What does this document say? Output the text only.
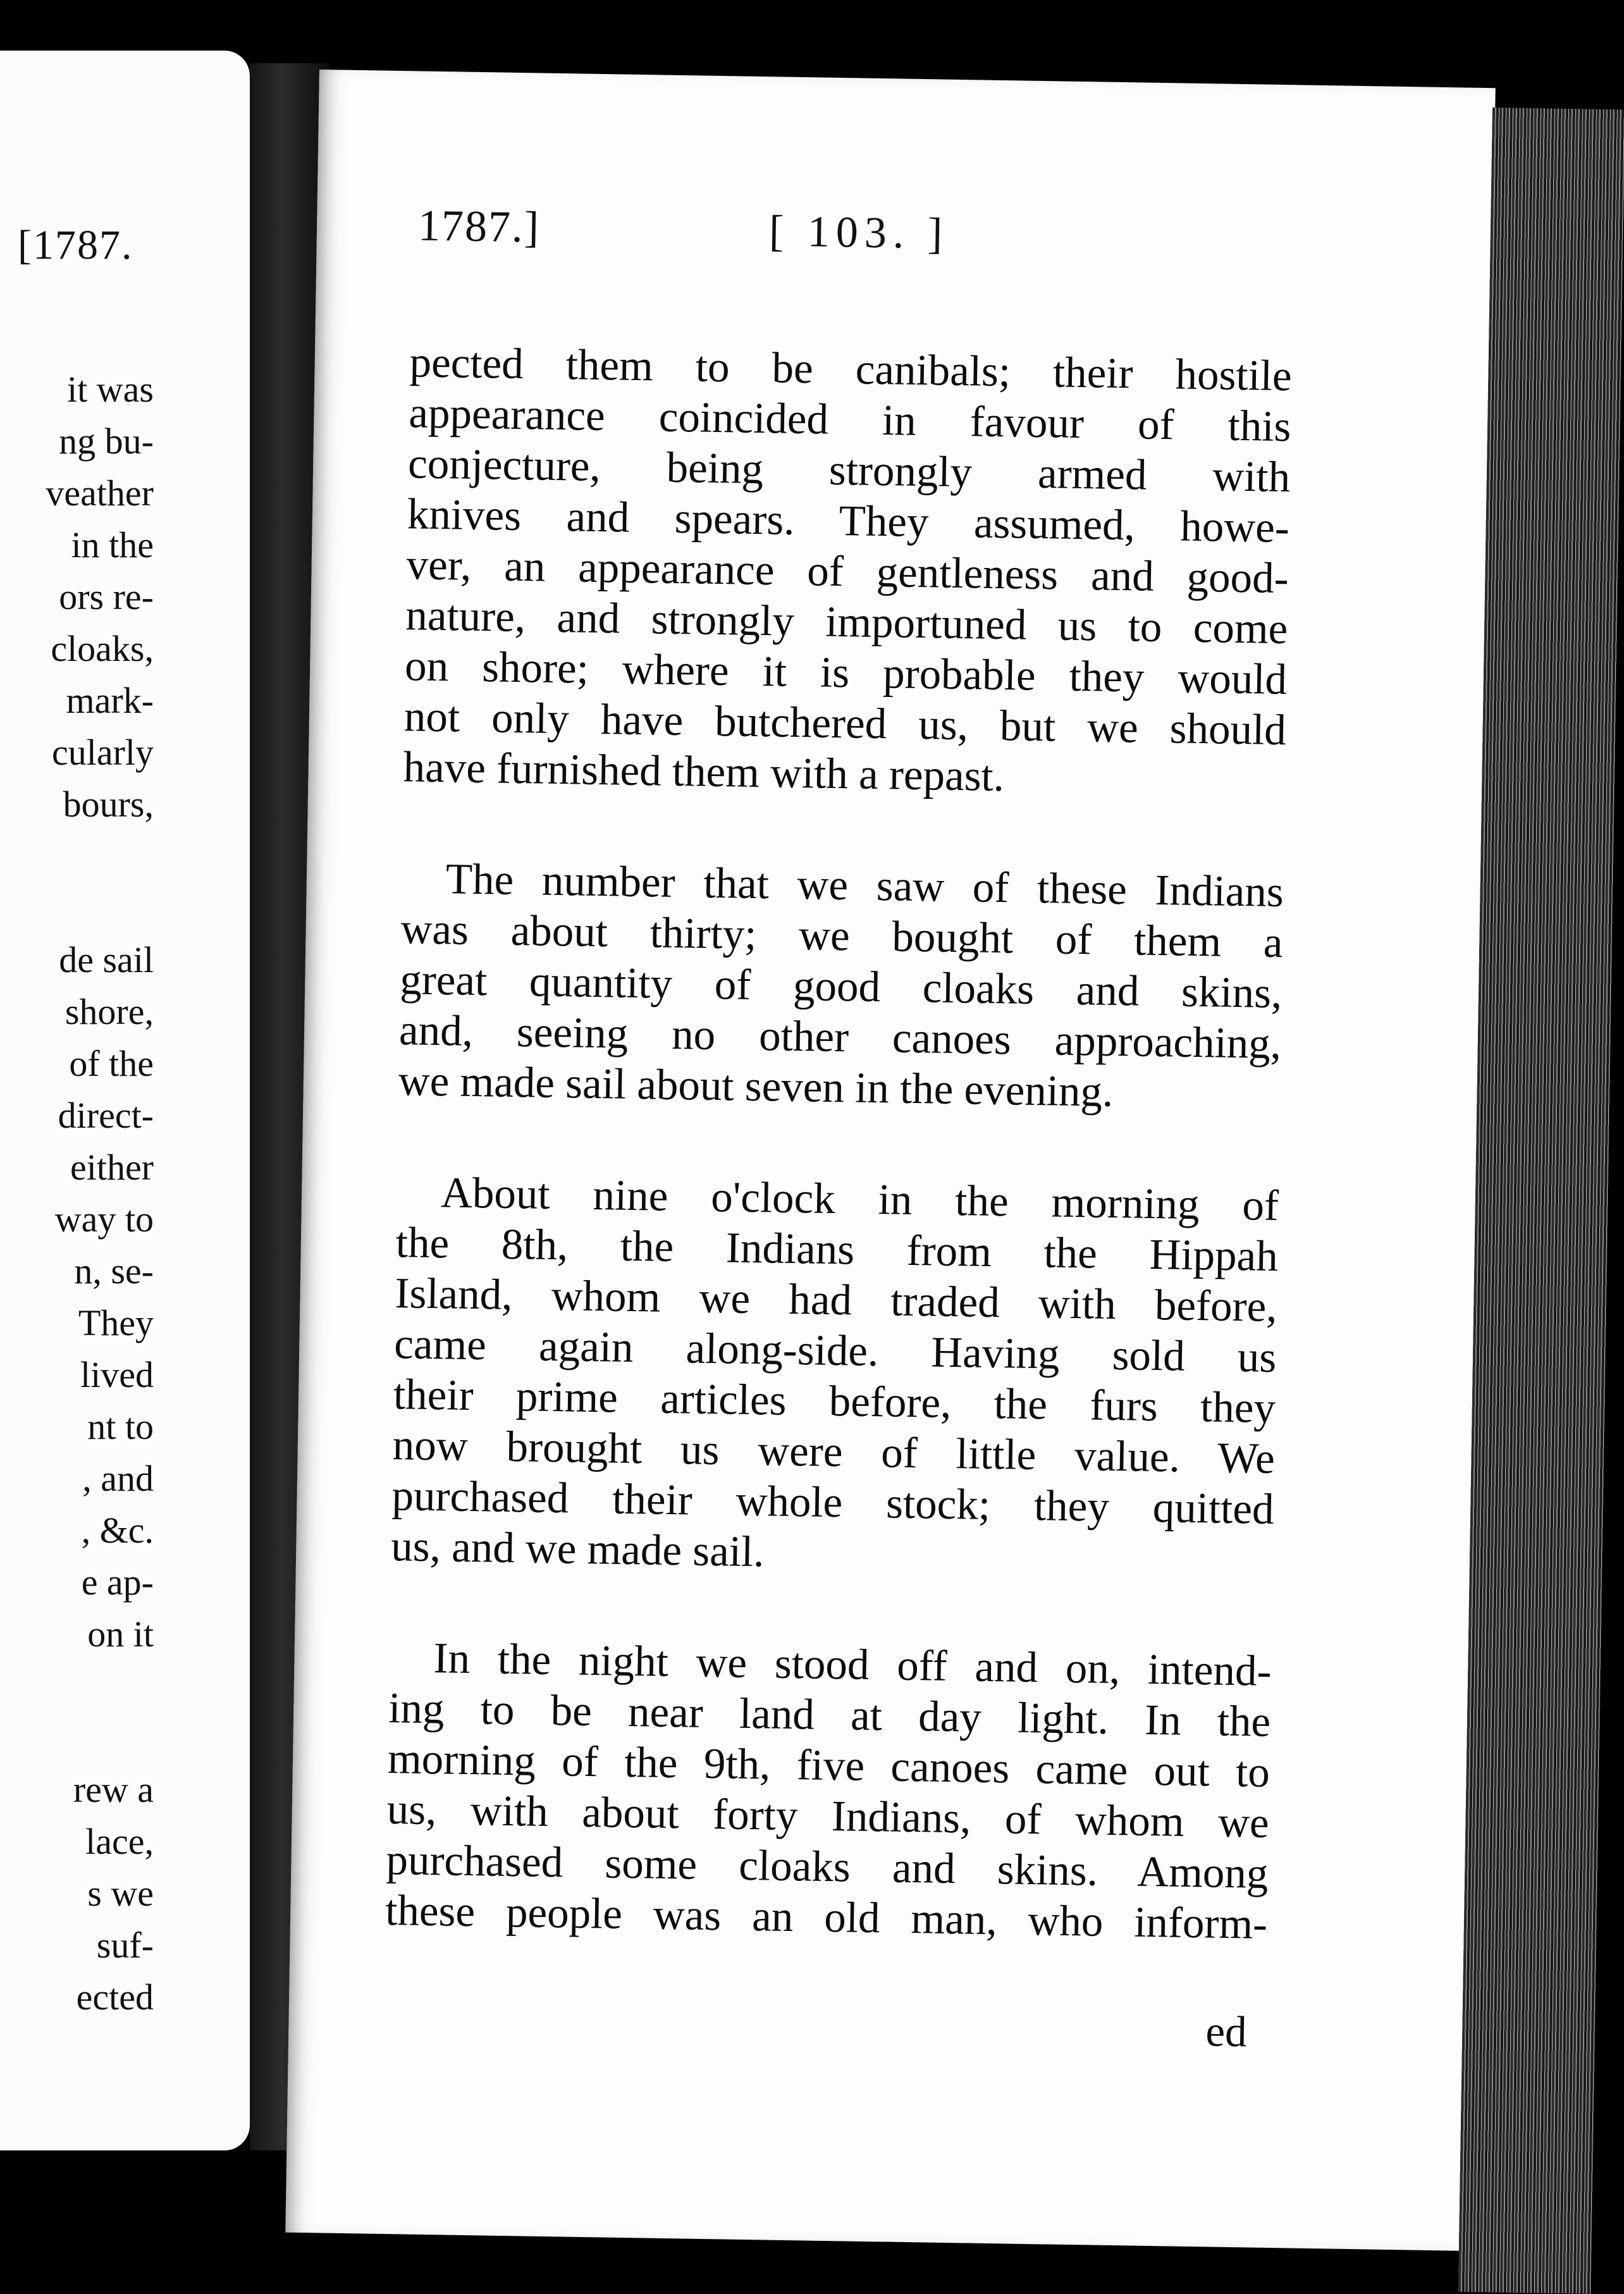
[1787.
it was
ng bu-
veather
in the
ors re-
cloaks,
mark-
cularly
bours,
de sail
shore,
of the
direct-
either
way to
n, se-
They
lived
nt to
, and
, &c.
e ap-
on it
rew a
lace,
s we
suf-
ected
1787.]	[ 103. ]
pected them to be canibals; their hostile
appearance coincided in favour of this
conjecture, being strongly armed with
knives and spears. They assumed, howe-
ver, an appearance of gentleness and good-
nature, and strongly importuned us to come
on shore; where it is probable they would
not only have butchered us, but we should
have furnished them with a repast.
The number that we saw of these Indians
was about thirty; we bought of them a
great quantity of good cloaks and skins,
and, seeing no other canoes approaching,
we made sail about seven in the evening.
About nine o'clock in the morning of
the 8th, the Indians from the Hippah
Island, whom we had traded with before,
came again along-side. Having sold us
their prime articles before, the furs they
now brought us were of little value. We
purchased their whole stock; they quitted
us, and we made sail.
In the night we stood off and on, intend-
ing to be near land at day light. In the
morning of the 9th, five canoes came out to
us, with about forty Indians, of whom we
purchased some cloaks and skins. Among
these people was an old man, who inform-
ed
